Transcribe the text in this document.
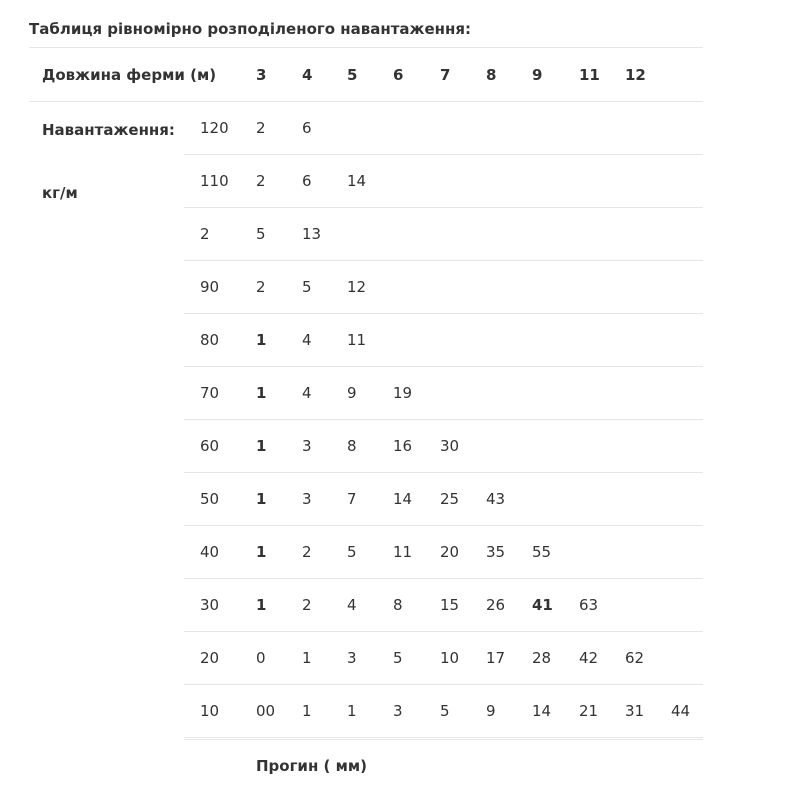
Таблиця рівномірно розподіленого навантаження:
Довжина ферми (м)	3 4 5 6 7 8 9 11 12
Навантаження:
кг/м
120 2 6
110 2 6 14
2	5 13
90 2 5 12
80 1 4 11
70 1 4 9 19
60 1 3 8 16 30
50 1 3 7 14 25 43
40 1 2 5 11 20 35 55
30 1 2 4 8 15 26 41 63
20 0 1 3 5 10 17 28 42 62
10 00 1 1 3 5 9 14 21 31 44
Прогин ( мм)
